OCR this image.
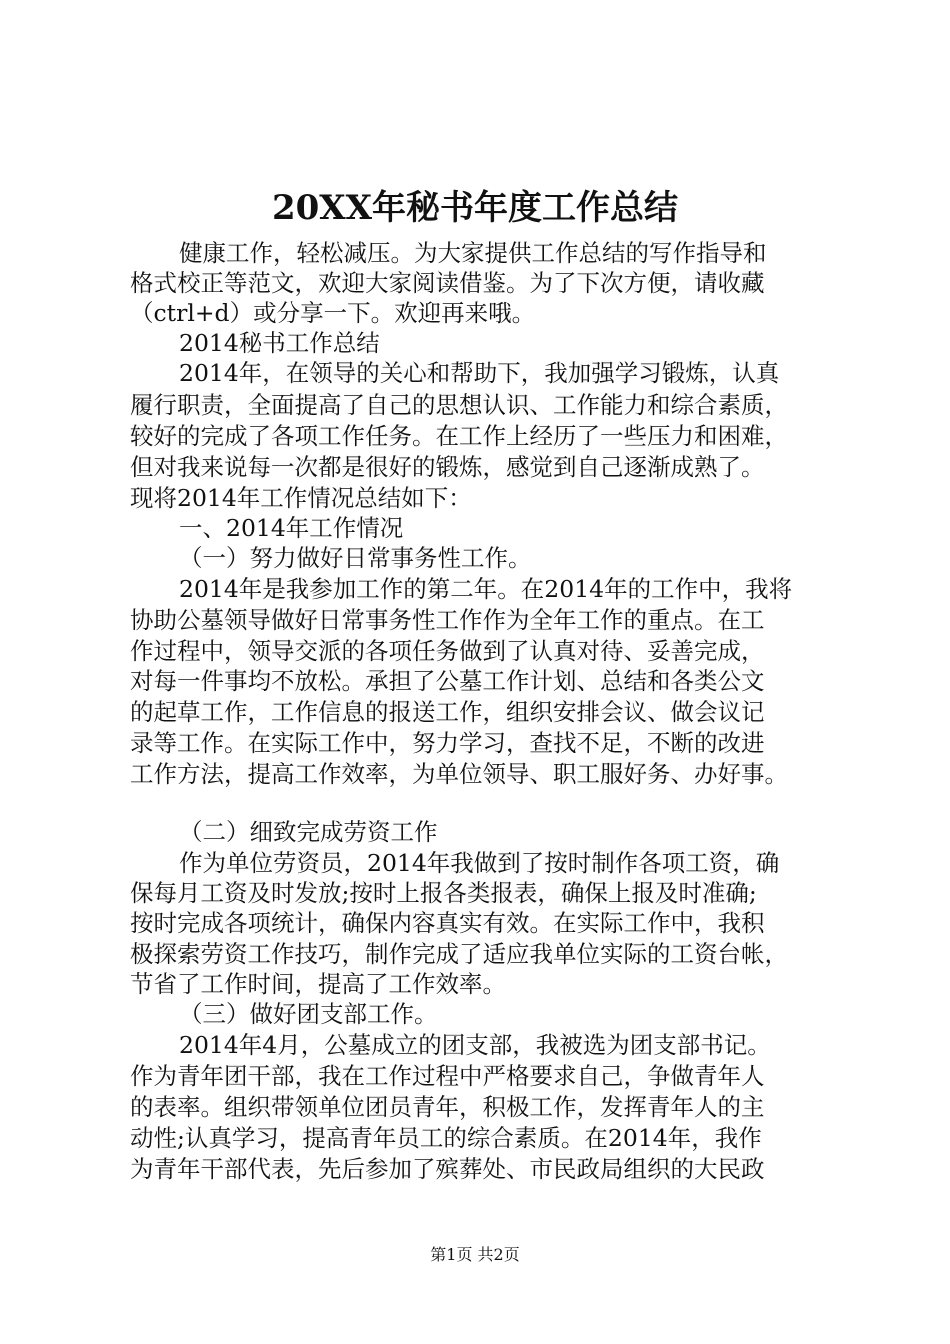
20XX年秘书年度工作总结
健康工作，轻松减压。为大家提供工作总结的写作指导和
格式校正等范文，欢迎大家阅读借鉴。为了下次方便，请收藏
（ctrl+d）或分享一下。欢迎再来哦。
2014秘书工作总结
2014年，在领导的关心和帮助下，我加强学习锻炼，认真
履行职责，全面提高了自己的思想认识、工作能力和综合素质，
较好的完成了各项工作任务。在工作上经历了一些压力和困难，
但对我来说每一次都是很好的锻炼，感觉到自己逐渐成熟了。
现将2014年工作情况总结如下：
一、2014年工作情况
（一）努力做好日常事务性工作。
2014年是我参加工作的第二年。在2014年的工作中，我将
协助公墓领导做好日常事务性工作作为全年工作的重点。在工
作过程中，领导交派的各项任务做到了认真对待、妥善完成，
对每一件事均不放松。承担了公墓工作计划、总结和各类公文
的起草工作，工作信息的报送工作，组织安排会议、做会议记
录等工作。在实际工作中，努力学习，查找不足，不断的改进
工作方法，提高工作效率，为单位领导、职工服好务、办好事。
（二）细致完成劳资工作
作为单位劳资员，2014年我做到了按时制作各项工资，确
保每月工资及时发放;按时上报各类报表，确保上报及时准确;
按时完成各项统计，确保内容真实有效。在实际工作中，我积
极探索劳资工作技巧，制作完成了适应我单位实际的工资台帐，
节省了工作时间，提高了工作效率。
（三）做好团支部工作。
2014年4月，公墓成立的团支部，我被选为团支部书记。
作为青年团干部，我在工作过程中严格要求自己，争做青年人
的表率。组织带领单位团员青年，积极工作，发挥青年人的主
动性;认真学习，提高青年员工的综合素质。在2014年，我作
为青年干部代表，先后参加了殡葬处、市民政局组织的大民政
第1页 共2页
